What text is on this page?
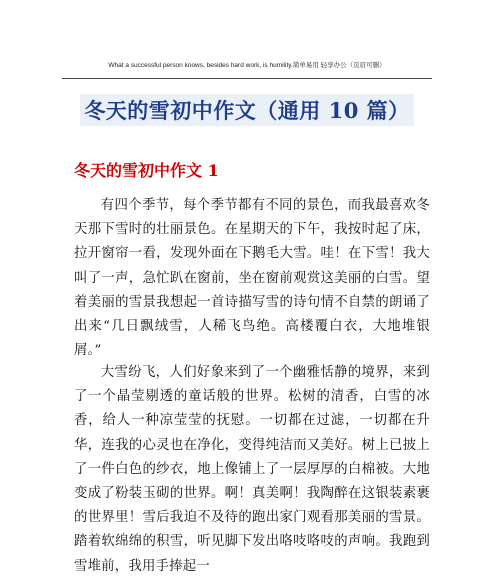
What a successful person knows, besides hard work, is humility.简单易用 轻享办公（页眉可删）
冬天的雪初中作文（通用 10 篇）
冬天的雪初中作文 1

有四个季节，每个季节都有不同的景色，而我最喜欢冬天那下雪时的壮丽景色。在星期天的下午，我按时起了床，拉开窗帘一看，发现外面在下鹅毛大雪。哇！在下雪！我大叫了一声，急忙趴在窗前，坐在窗前观赏这美丽的白雪。望着美丽的雪景我想起一首诗描写雪的诗句情不自禁的朗诵了出来“几日飘绒雪，人稀飞鸟绝。高楼覆白衣，大地堆银屑。”

大雪纷飞，人们好象来到了一个幽雅恬静的境界，来到了一个晶莹剔透的童话般的世界。松树的清香，白雪的冰香，给人一种凉莹莹的抚慰。一切都在过滤，一切都在升华，连我的心灵也在净化，变得纯洁而又美好。树上已披上了一件白色的纱衣，地上像铺上了一层厚厚的白棉被。大地变成了粉装玉砌的世界。啊！真美啊！我陶醉在这银装素裹的世界里！雪后我迫不及待的跑出家门观看那美丽的雪景。踏着软绵绵的积雪，听见脚下发出咯吱咯吱的声响。我跑到雪堆前，我用手捧起一
